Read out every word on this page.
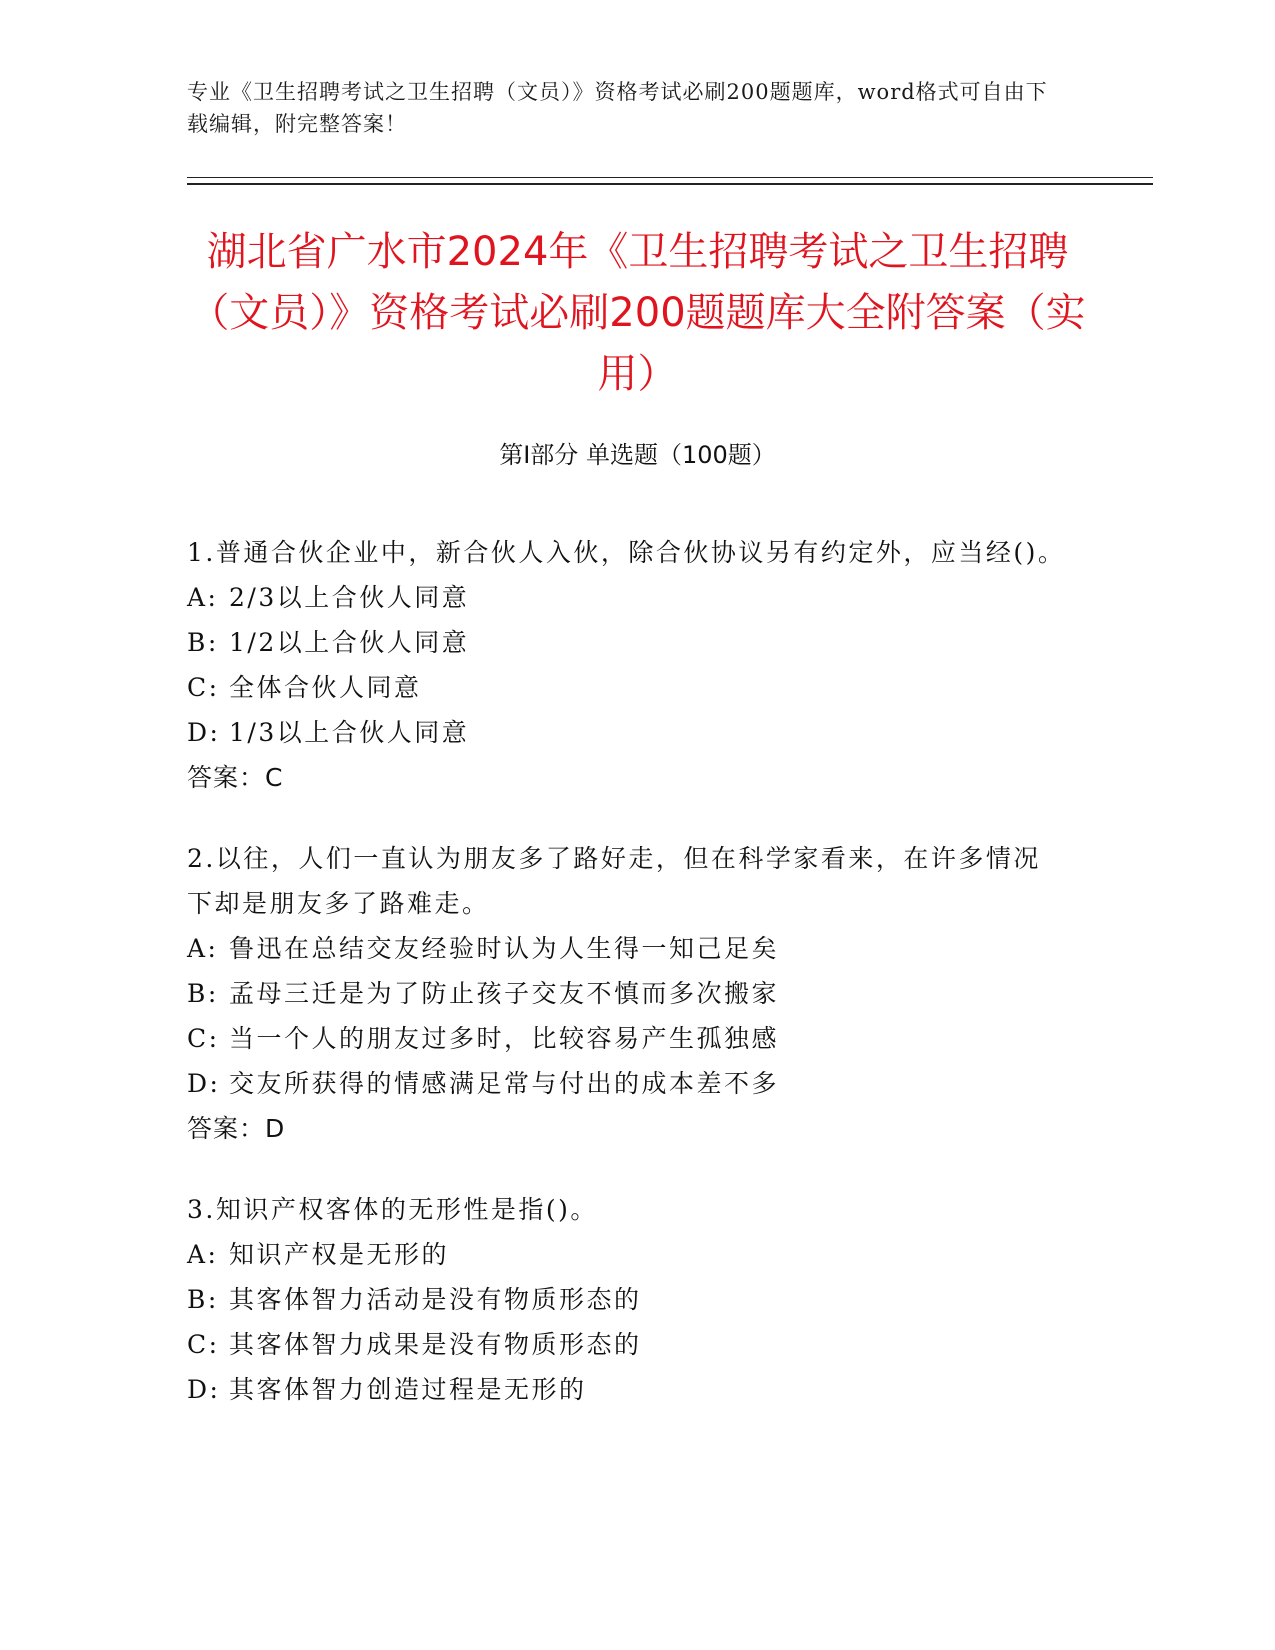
专业《卫生招聘考试之卫生招聘（文员）》资格考试必刷200题题库，word格式可自由下载编辑，附完整答案！
湖北省广水市2024年《卫生招聘考试之卫生招聘（文员）》资格考试必刷200题题库大全附答案（实用）
第Ⅰ部分 单选题（100题）

1.普通合伙企业中，新合伙人入伙，除合伙协议另有约定外，应当经()。

A: 2/3以上合伙人同意
B: 1/2以上合伙人同意
C: 全体合伙人同意
D: 1/3以上合伙人同意
答案：C

2.以往，人们一直认为朋友多了路好走，但在科学家看来，在许多情况下却是朋友多了路难走。

A: 鲁迅在总结交友经验时认为人生得一知己足矣
B: 孟母三迁是为了防止孩子交友不慎而多次搬家
C: 当一个人的朋友过多时，比较容易产生孤独感
D: 交友所获得的情感满足常与付出的成本差不多
答案：D

3.知识产权客体的无形性是指()。

A: 知识产权是无形的
B: 其客体智力活动是没有物质形态的
C: 其客体智力成果是没有物质形态的
D: 其客体智力创造过程是无形的
